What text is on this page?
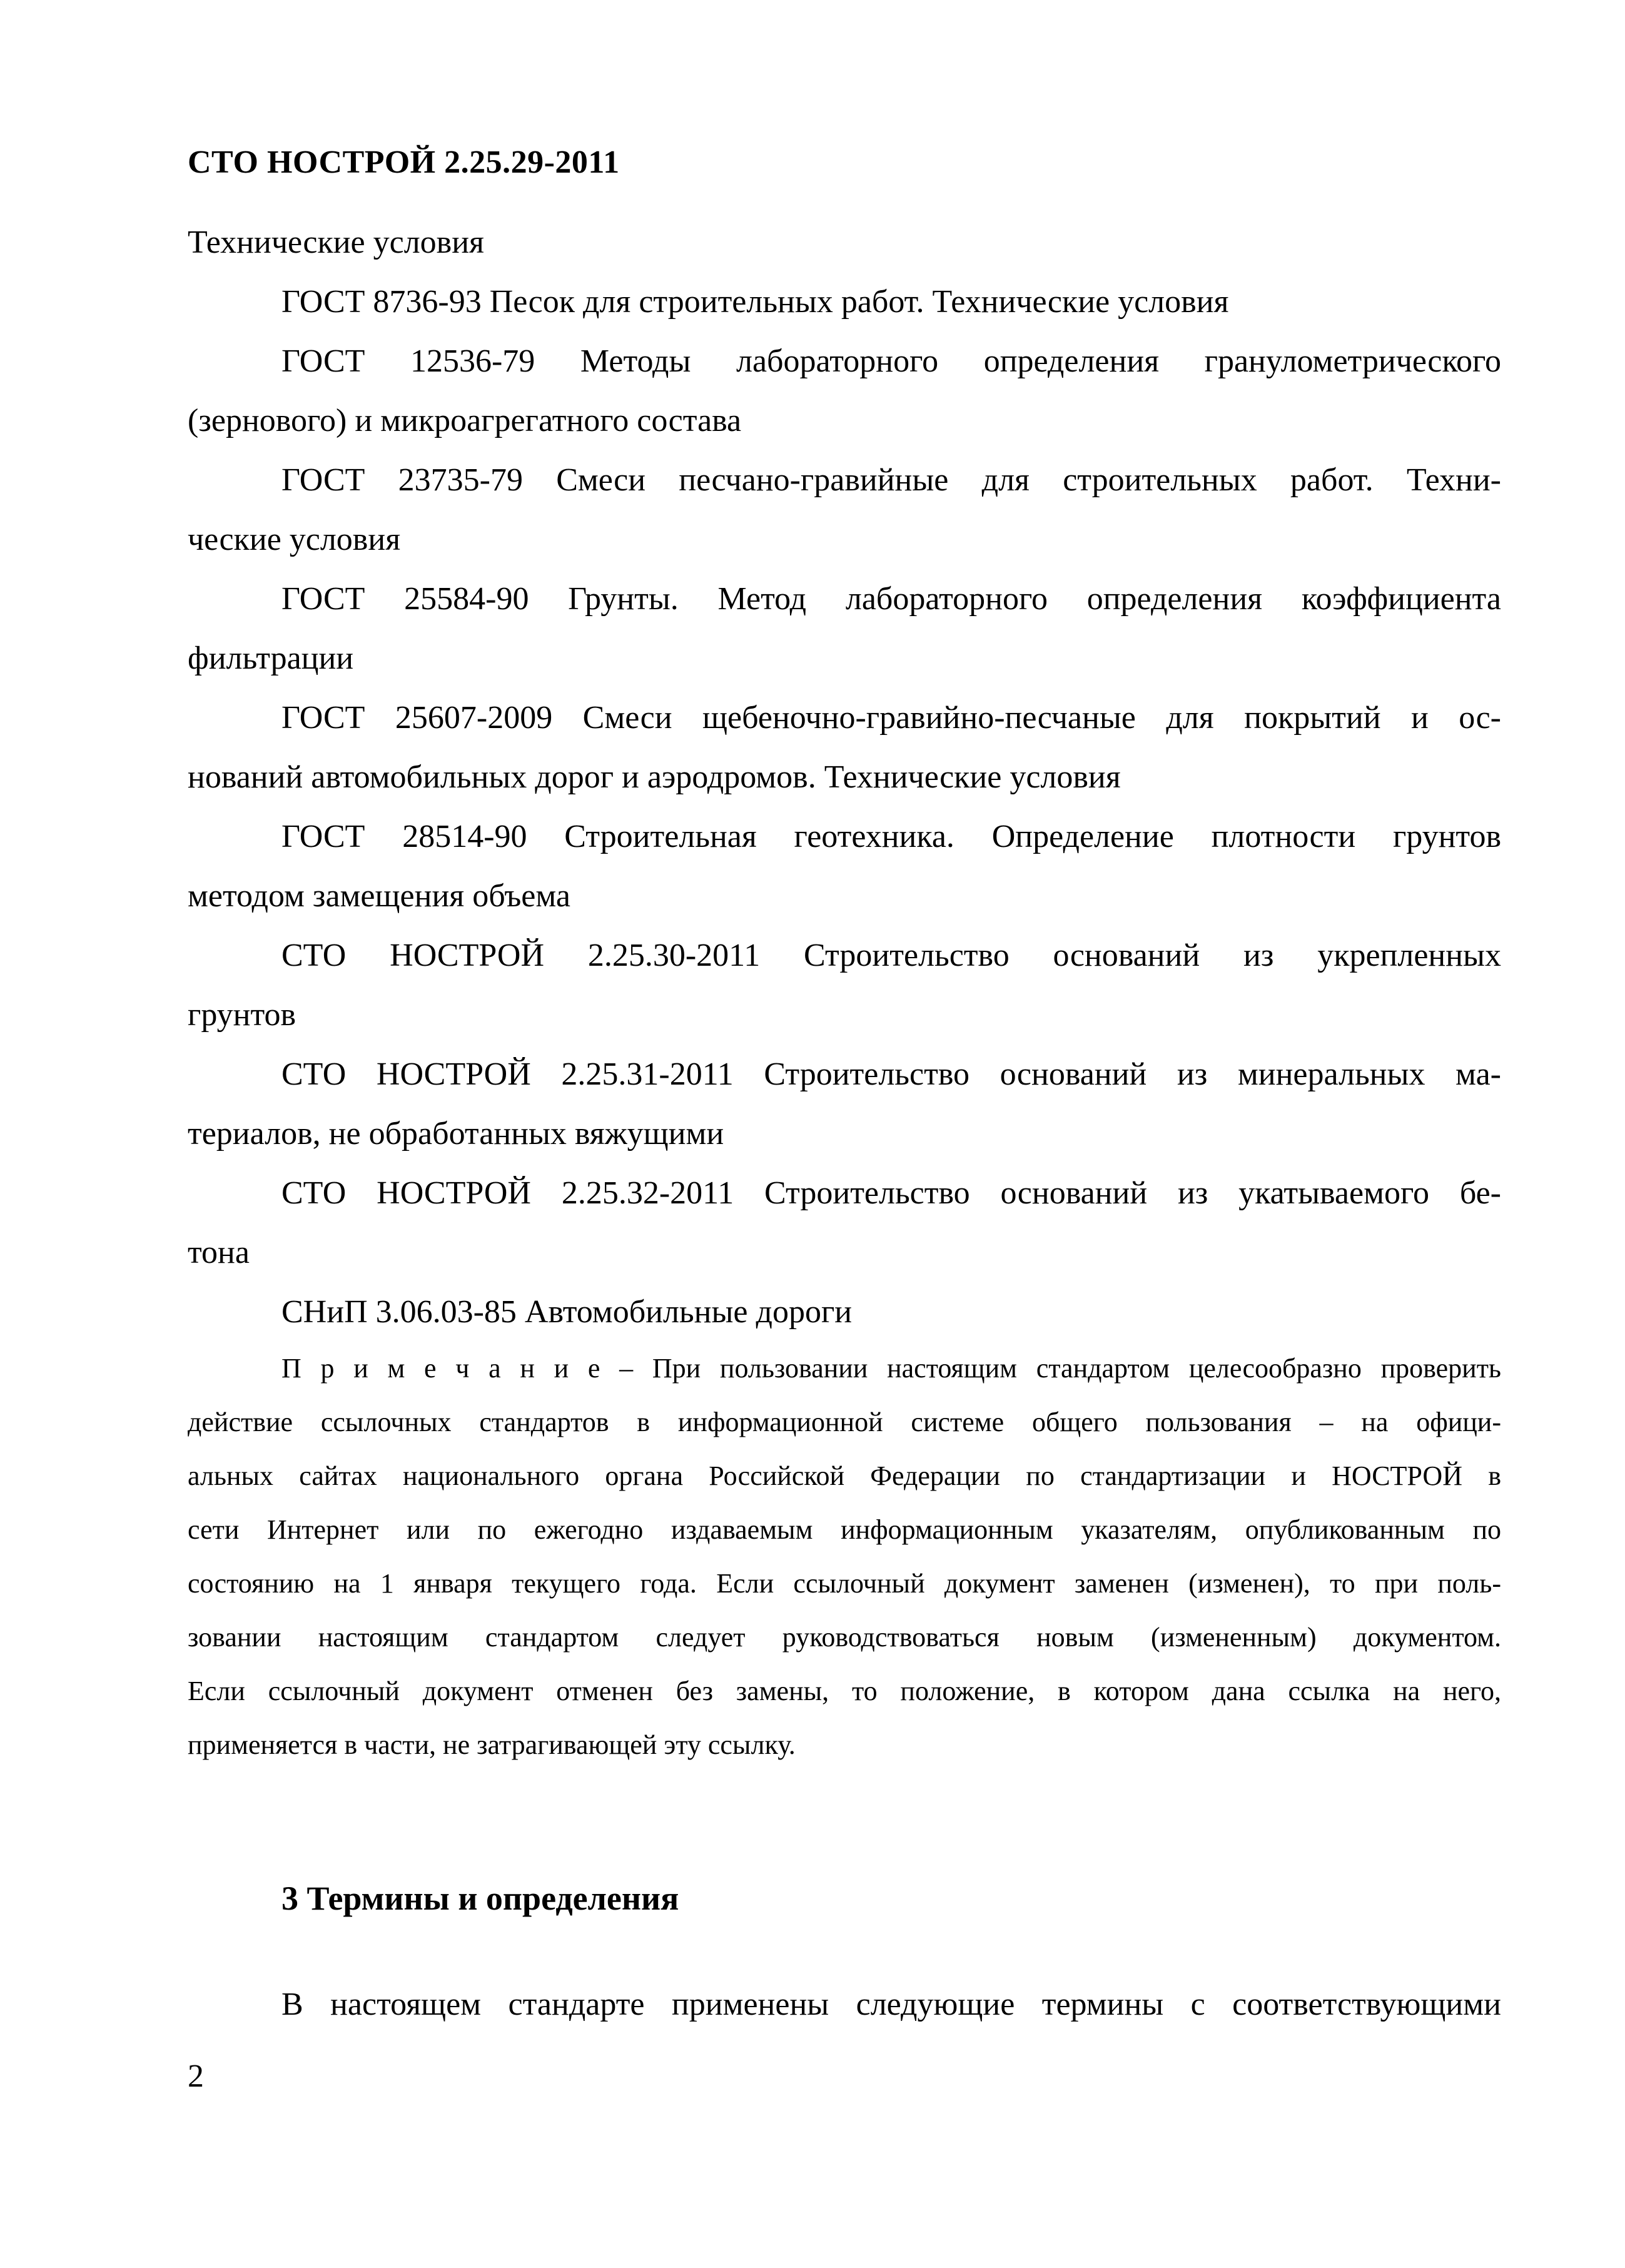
СТО НОСТРОЙ 2.25.29-2011
Технические условия
ГОСТ 8736-93 Песок для строительных работ. Технические условия
ГОСТ 12536-79 Методы лабораторного определения гранулометрического
(зернового) и микроагрегатного состава
ГОСТ 23735-79 Смеси песчано-гравийные для строительных работ. Техни-
ческие условия
ГОСТ 25584-90 Грунты. Метод лабораторного определения коэффициента
фильтрации
ГОСТ 25607-2009 Смеси щебеночно-гравийно-песчаные для покрытий и ос-
нований автомобильных дорог и аэродромов. Технические условия
ГОСТ 28514-90 Строительная геотехника. Определение плотности грунтов
методом замещения объема
СТО НОСТРОЙ 2.25.30-2011 Строительство оснований из укрепленных
грунтов
СТО НОСТРОЙ 2.25.31-2011 Строительство оснований из минеральных ма-
териалов, не обработанных вяжущими
СТО НОСТРОЙ 2.25.32-2011 Строительство оснований из укатываемого бе-
тона
СНиП 3.06.03-85 Автомобильные дороги
П р и м е ч а н и е – При пользовании настоящим стандартом целесообразно проверить
действие ссылочных стандартов в информационной системе общего пользования – на офици-
альных сайтах национального органа Российской Федерации по стандартизации и НОСТРОЙ в
сети Интернет или по ежегодно издаваемым информационным указателям, опубликованным по
состоянию на 1 января текущего года. Если ссылочный документ заменен (изменен), то при поль-
зовании настоящим стандартом следует руководствоваться новым (измененным) документом.
Если ссылочный документ отменен без замены, то положение, в котором дана ссылка на него,
применяется в части, не затрагивающей эту ссылку.
3 Термины и определения
В настоящем стандарте применены следующие термины с соответствующими
2
